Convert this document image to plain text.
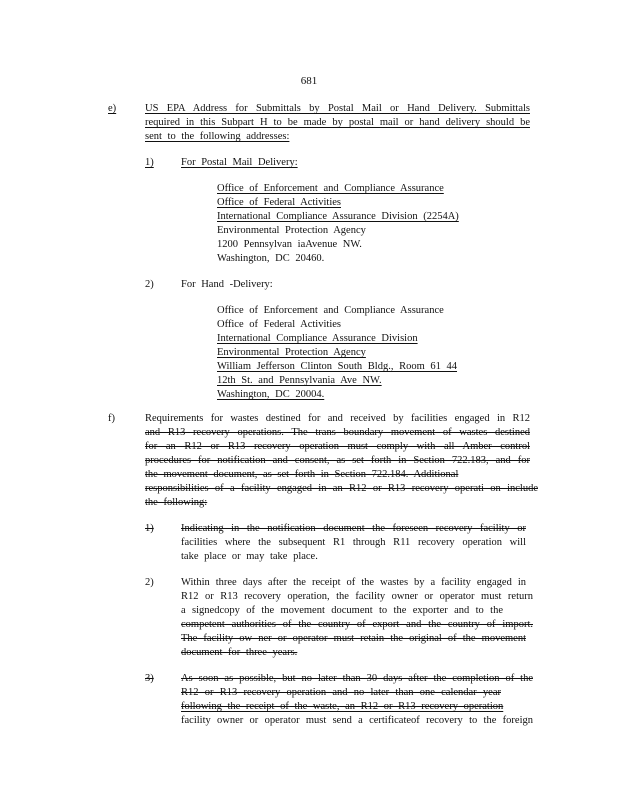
681
e)	US EPA Address for Submittals by Postal Mail or Hand Delivery. Submittals
required in this Subpart H to be made by postal mail or hand delivery should be
sent to the following addresses:
1)	For Postal Mail Delivery:
Office of Enforcement and Compliance Assurance
Office of Federal Activities
International Compliance Assurance Division (2254A)
Environmental Protection Agency
1200 Pennsylvan iaAvenue NW.
Washington, DC 20460.
2)	For Hand -Delivery:
Office of Enforcement and Compliance Assurance
Office of Federal Activities
International Compliance Assurance Division
Environmental Protection Agency
William Jefferson Clinton South Bldg., Room 61 44
12th St. and Pennsylvania Ave NW.
Washington, DC 20004.
f)	Requirements for wastes destined for and received by facilities engaged in R12
and R13 recovery operations. The trans boundary movement of wastes destined
for an R12 or R13 recovery operation must comply with all Amber control
procedures for notification and consent, as set forth in Section 722.183, and for
the movement document, as set forth in Section 722.184. Additional
responsibilities of a facility engaged in an R12 or R13 recovery operati on include
the following:
1)	Indicating in the notification document the foreseen recovery facility or
facilities where the subsequent R1 through R11 recovery operation will
take place or may take place.
2)	Within three days after the receipt of the wastes by a facility engaged in
R12 or R13 recovery operation, the facility owner or operator must return
a signedcopy of the movement document to the exporter and to the
competent authorities of the country of export and the country of import.
The facility ow ner or operator must retain the original of the movement
document for three years.
3)	As soon as possible, but no later than 30 days after the completion of the
R12 or R13 recovery operation and no later than one calendar year
following the receipt of the waste, an R12 or R13 recovery operation
facility owner or operator must send a certificateof recovery to the foreign
